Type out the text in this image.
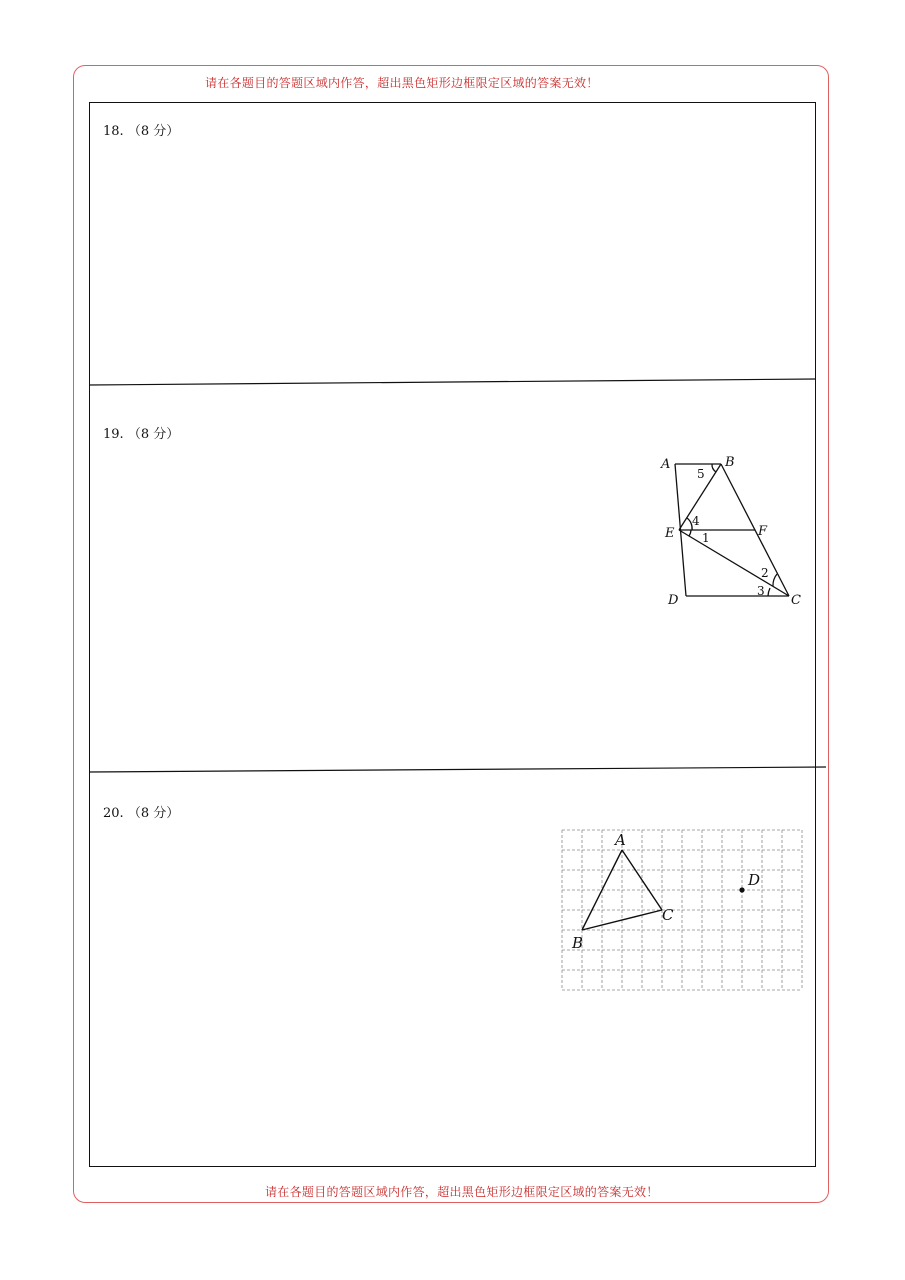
请在各题目的答题区域内作答，超出黑色矩形边框限定区域的答案无效！
请在各题目的答题区域内作答，超出黑色矩形边框限定区域的答案无效！
18. （8 分）
19. （8 分）
A	B
E	F
D	C
5
4
1
2
3
20. （8 分）
A
B
C
D
